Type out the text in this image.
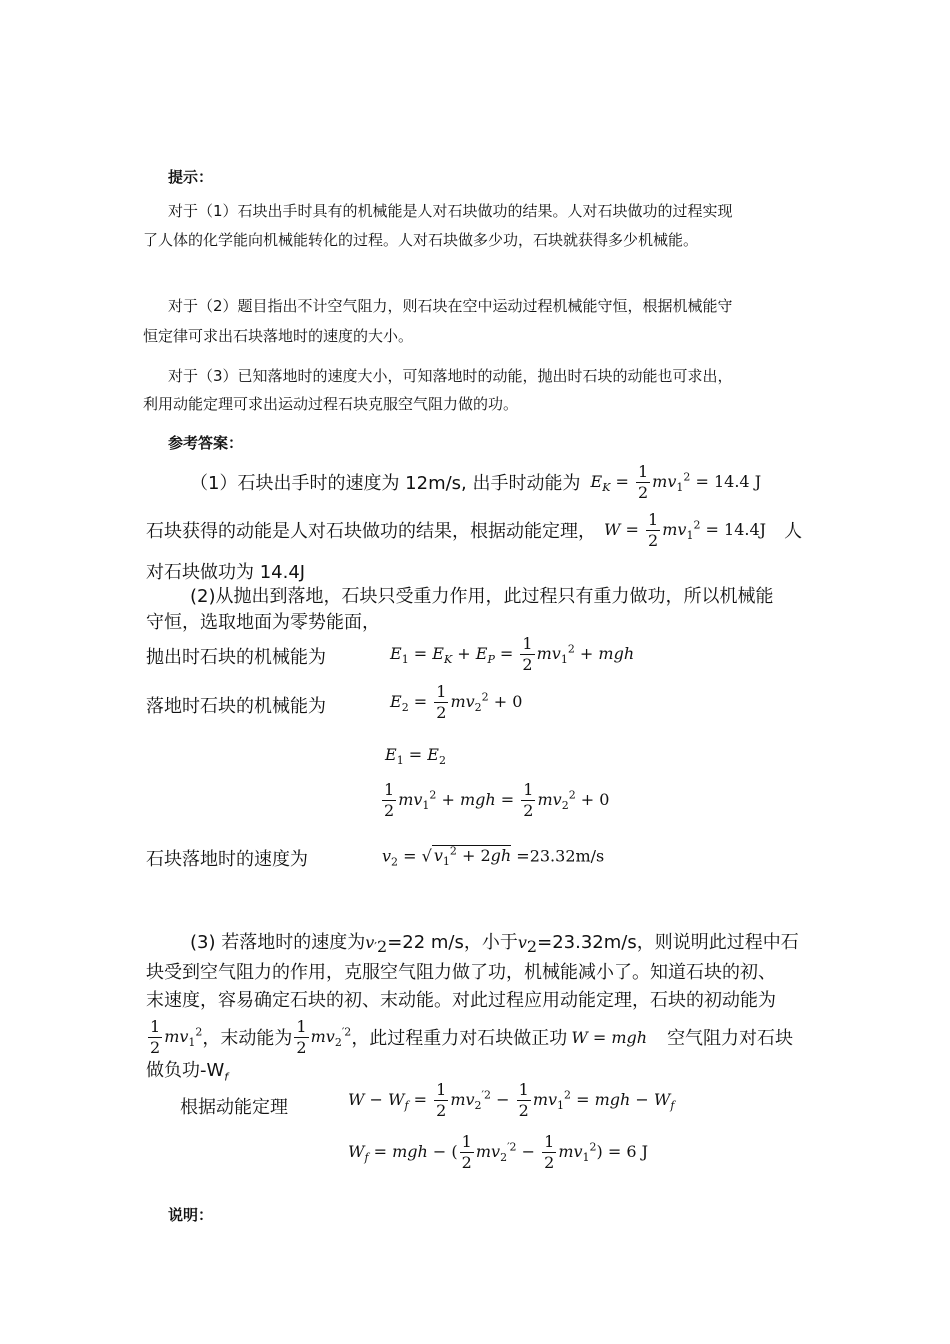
提示：
对于（1）石块出手时具有的机械能是人对石块做功的结果。人对石块做功的过程实现
了人体的化学能向机械能转化的过程。人对石块做多少功，石块就获得多少机械能。
对于（2）题目指出不计空气阻力，则石块在空中运动过程机械能守恒，根据机械能守
恒定律可求出石块落地时的速度的大小。
对于（3）已知落地时的速度大小，可知落地时的动能，抛出时石块的动能也可求出，
利用动能定理可求出运动过程石块克服空气阻力做的功。
参考答案：
（1）石块出手时的速度为 12m/s, 出手时动能为 $E_K = \frac{1}{2} mv_1^2 = 14.4$ J
石块获得的动能是人对石块做功的结果，根据动能定理， $W = \frac{1}{2} mv_1^2 = 14.4J$ 人
对石块做功为 14.4J
(2)从抛出到落地，石块只受重力作用，此过程只有重力做功，所以机械能
守恒，选取地面为零势能面，
抛出时石块的机械能为	$E_1 = E_K + E_P = \frac{1}{2} mv_1^2$ + mgh
落地时石块的机械能为	$E_2 = \frac{1}{2} mv_2^2 + 0$
$E_1 = E_2$
$\frac{1}{2} mv_1^2$ + mgh = $\frac{1}{2} mv_2^2 + 0$
石块落地时的速度为	$v_2$ = √ $v_1^2 + 2gh =23.32m/s$
(3) 若落地时的速度为$v'_2=22$ m/s，小于$v_2=23.32m/s$，则说明此过程中石
块受到空气阻力的作用，克服空气阻力做了功，机械能减小了。知道石块的初、
末速度，容易确定石块的初、末动能。对此过程应用动能定理，石块的初动能为
$\frac{1}{2} mv_1^2$ ，末动能为 $\frac{1}{2} mv_2^{'2}$ ，此过程重力对石块做正功 W = mgh 空气阻力对石块
做负功$-W_f$
根据动能定理	$W - W_f = \frac{1}{2} mv_2^{'2} - \frac{1}{2} mv_1^2$ = mgh − $W_f$
$W_f$ = mgh − ( $\frac{1}{2} mv_2^{'2} - \frac{1}{2} mv_1^2) = 6$ J
说明：
